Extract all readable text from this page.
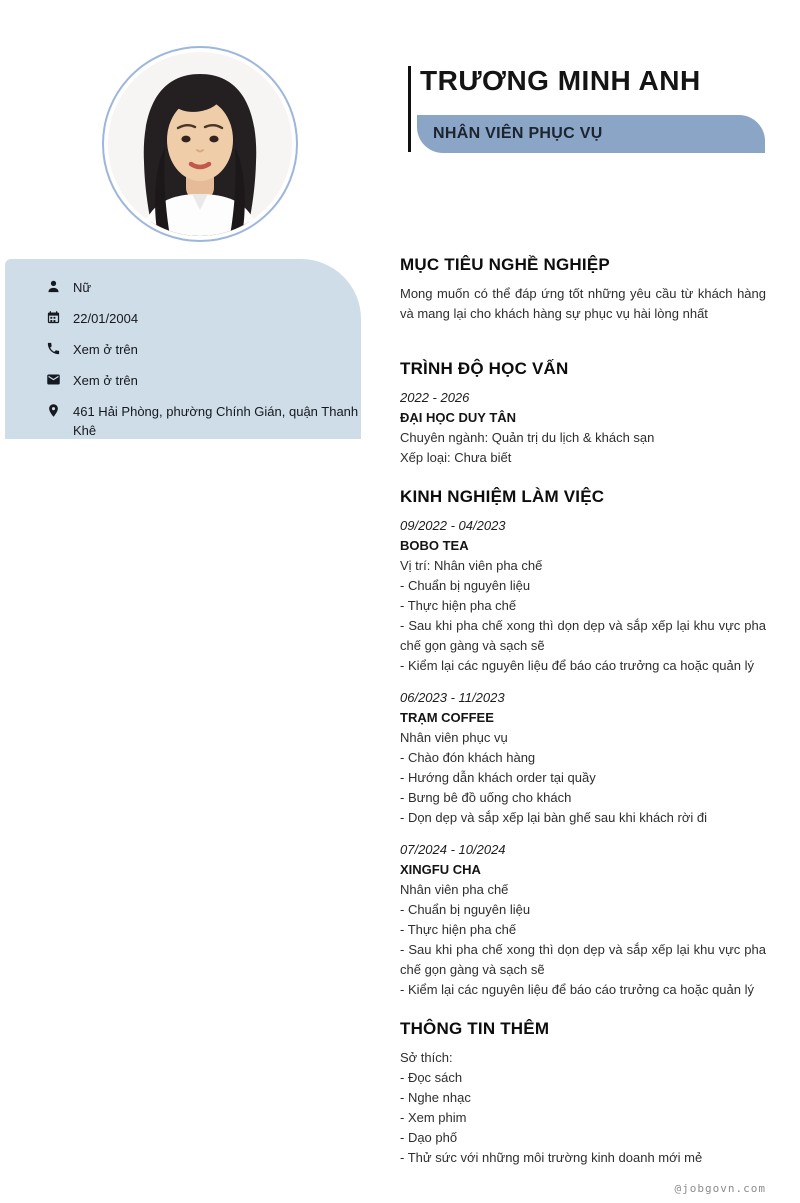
TRƯƠNG MINH ANH
NHÂN VIÊN PHỤC VỤ
Nữ
22/01/2004
Xem ở trên
Xem ở trên
461 Hải Phòng, phường Chính Gián, quận Thanh Khê
MỤC TIÊU NGHỀ NGHIỆP

Mong muốn có thể đáp ứng tốt những yêu cầu từ khách hàng và mang lại cho khách hàng sự phục vụ hài lòng nhất

TRÌNH ĐỘ HỌC VẤN

2022 - 2026

ĐẠI HỌC DUY TÂN

Chuyên ngành: Quản trị du lịch & khách sạn

Xếp loại: Chưa biết

KINH NGHIỆM LÀM VIỆC

09/2022 - 04/2023

BOBO TEA

Vị trí: Nhân viên pha chế

- Chuẩn bị nguyên liệu

- Thực hiện pha chế

- Sau khi pha chế xong thì dọn dẹp và sắp xếp lại khu vực pha chế gọn gàng và sạch sẽ

- Kiểm lại các nguyên liệu để báo cáo trưởng ca hoặc quản lý

06/2023 - 11/2023

TRẠM COFFEE

Nhân viên phục vụ

- Chào đón khách hàng

- Hướng dẫn khách order tại quầy

- Bưng bê đồ uống cho khách

- Dọn dẹp và sắp xếp lại bàn ghế sau khi khách rời đi

07/2024 - 10/2024

XINGFU CHA

Nhân viên pha chế

- Chuẩn bị nguyên liệu

- Thực hiện pha chế

- Sau khi pha chế xong thì dọn dẹp và sắp xếp lại khu vực pha chế gọn gàng và sạch sẽ

- Kiểm lại các nguyên liệu để báo cáo trưởng ca hoặc quản lý

THÔNG TIN THÊM

Sở thích:

- Đọc sách

- Nghe nhạc

- Xem phim

- Dạo phố

- Thử sức với những môi trường kinh doanh mới mẻ

@jobgovn.com
